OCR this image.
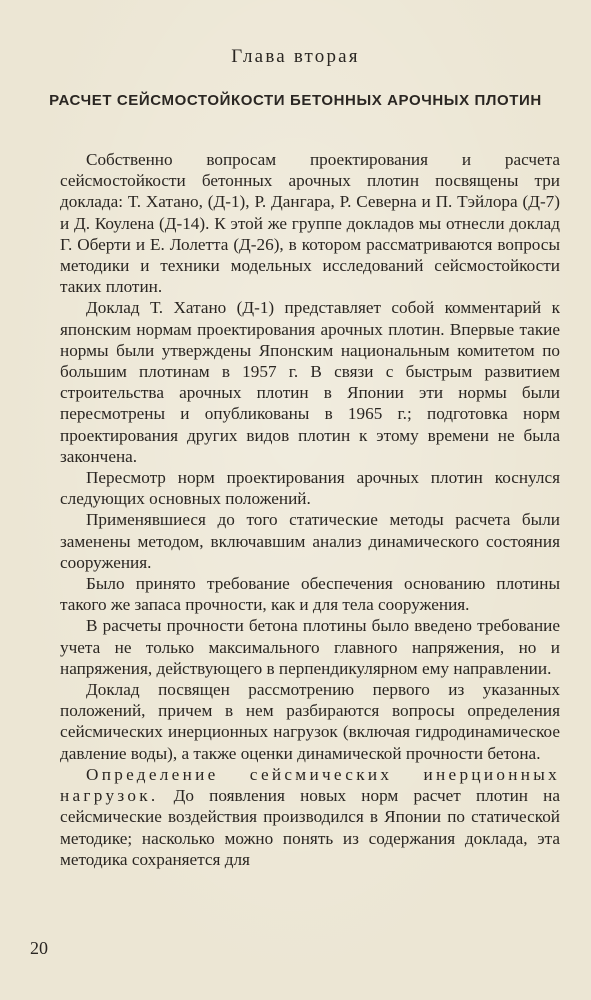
Глава вторая
РАСЧЕТ СЕЙСМОСТОЙКОСТИ БЕТОННЫХ АРОЧНЫХ ПЛОТИН

Собственно вопросам проектирования и расчета сейсмостойкости бетонных арочных плотин посвящены три доклада: Т. Хатано, (Д-1), Р. Дангара, Р. Северна и П. Тэйлора (Д-7) и Д. Коулена (Д-14). К этой же группе докладов мы отнесли доклад Г. Оберти и Е. Лолетта (Д-26), в котором рассматриваются вопросы методики и техники модельных исследований сейсмостойкости таких плотин.

Доклад Т. Хатано (Д-1) представляет собой комментарий к японским нормам проектирования арочных плотин. Впервые такие нормы были утверждены Японским национальным комитетом по большим плотинам в 1957 г. В связи с быстрым развитием строительства арочных плотин в Японии эти нормы были пересмотрены и опубликованы в 1965 г.; подготовка норм проектирования других видов плотин к этому времени не была закончена.

Пересмотр норм проектирования арочных плотин коснулся следующих основных положений.

Применявшиеся до того статические методы расчета были заменены методом, включавшим анализ динамического состояния сооружения.

Было принято требование обеспечения основанию плотины такого же запаса прочности, как и для тела сооружения.

В расчеты прочности бетона плотины было введено требование учета не только максимального главного напряжения, но и напряжения, действующего в перпендикулярном ему направлении.

Доклад посвящен рассмотрению первого из указанных положений, причем в нем разбираются вопросы определения сейсмических инерционных нагрузок (включая гидродинамическое давление воды), а также оценки динамической прочности бетона.

Определение сейсмических инерционных нагрузок. До появления новых норм расчет плотин на сейсмические воздействия производился в Японии по статической методике; насколько можно понять из содержания доклада, эта методика сохраняется для

20
